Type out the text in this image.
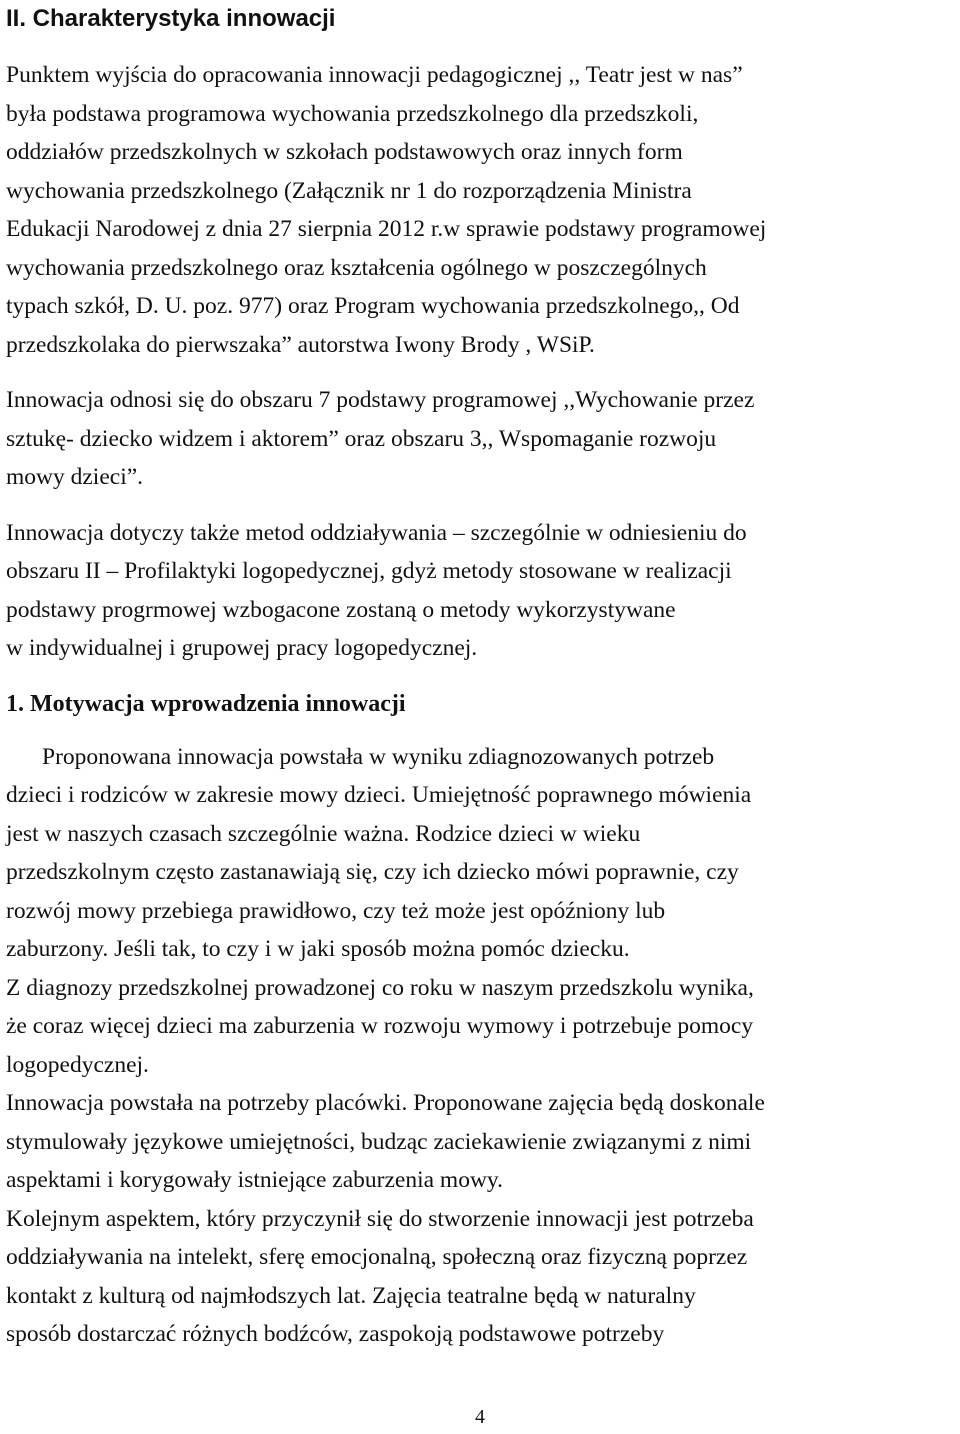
II. Charakterystyka innowacji
Punktem wyjścia do opracowania innowacji pedagogicznej ,, Teatr jest w nas”
była podstawa programowa wychowania przedszkolnego dla przedszkoli,
oddziałów przedszkolnych w szkołach podstawowych oraz innych form
wychowania przedszkolnego (Załącznik nr 1 do rozporządzenia Ministra
Edukacji Narodowej z dnia 27 sierpnia 2012 r.w sprawie podstawy programowej
wychowania przedszkolnego oraz kształcenia ogólnego w poszczególnych
typach szkół, D. U. poz. 977) oraz Program wychowania przedszkolnego,, Od
przedszkolaka do pierwszaka” autorstwa Iwony Brody , WSiP.
Innowacja odnosi się do obszaru 7 podstawy programowej ,,Wychowanie przez
sztukę- dziecko widzem i aktorem” oraz obszaru 3,, Wspomaganie rozwoju
mowy dzieci”.
Innowacja dotyczy także metod oddziaływania – szczególnie w odniesieniu do
obszaru II – Profilaktyki logopedycznej, gdyż metody stosowane w realizacji
podstawy progrmowej wzbogacone zostaną o metody wykorzystywane
w indywidualnej i grupowej pracy logopedycznej.
1. Motywacja wprowadzenia innowacji
Proponowana innowacja powstała w wyniku zdiagnozowanych potrzeb
dzieci i rodziców w zakresie mowy dzieci. Umiejętność poprawnego mówienia
jest w naszych czasach szczególnie ważna. Rodzice dzieci w wieku
przedszkolnym często zastanawiają się, czy ich dziecko mówi poprawnie, czy
rozwój mowy przebiega prawidłowo, czy też może jest opóźniony lub
zaburzony. Jeśli tak, to czy i w jaki sposób można pomóc dziecku.
Z diagnozy przedszkolnej prowadzonej co roku w naszym przedszkolu wynika,
że coraz więcej dzieci ma zaburzenia w rozwoju wymowy i potrzebuje pomocy
logopedycznej.
Innowacja powstała na potrzeby placówki. Proponowane zajęcia będą doskonale
stymulowały językowe umiejętności, budząc zaciekawienie związanymi z nimi
aspektami i korygowały istniejące zaburzenia mowy.
Kolejnym aspektem, który przyczynił się do stworzenie innowacji jest potrzeba
oddziaływania na intelekt, sferę emocjonalną, społeczną oraz fizyczną poprzez
kontakt z kulturą od najmłodszych lat. Zajęcia teatralne będą w naturalny
sposób dostarczać różnych bodźców, zaspokoją podstawowe potrzeby
4
